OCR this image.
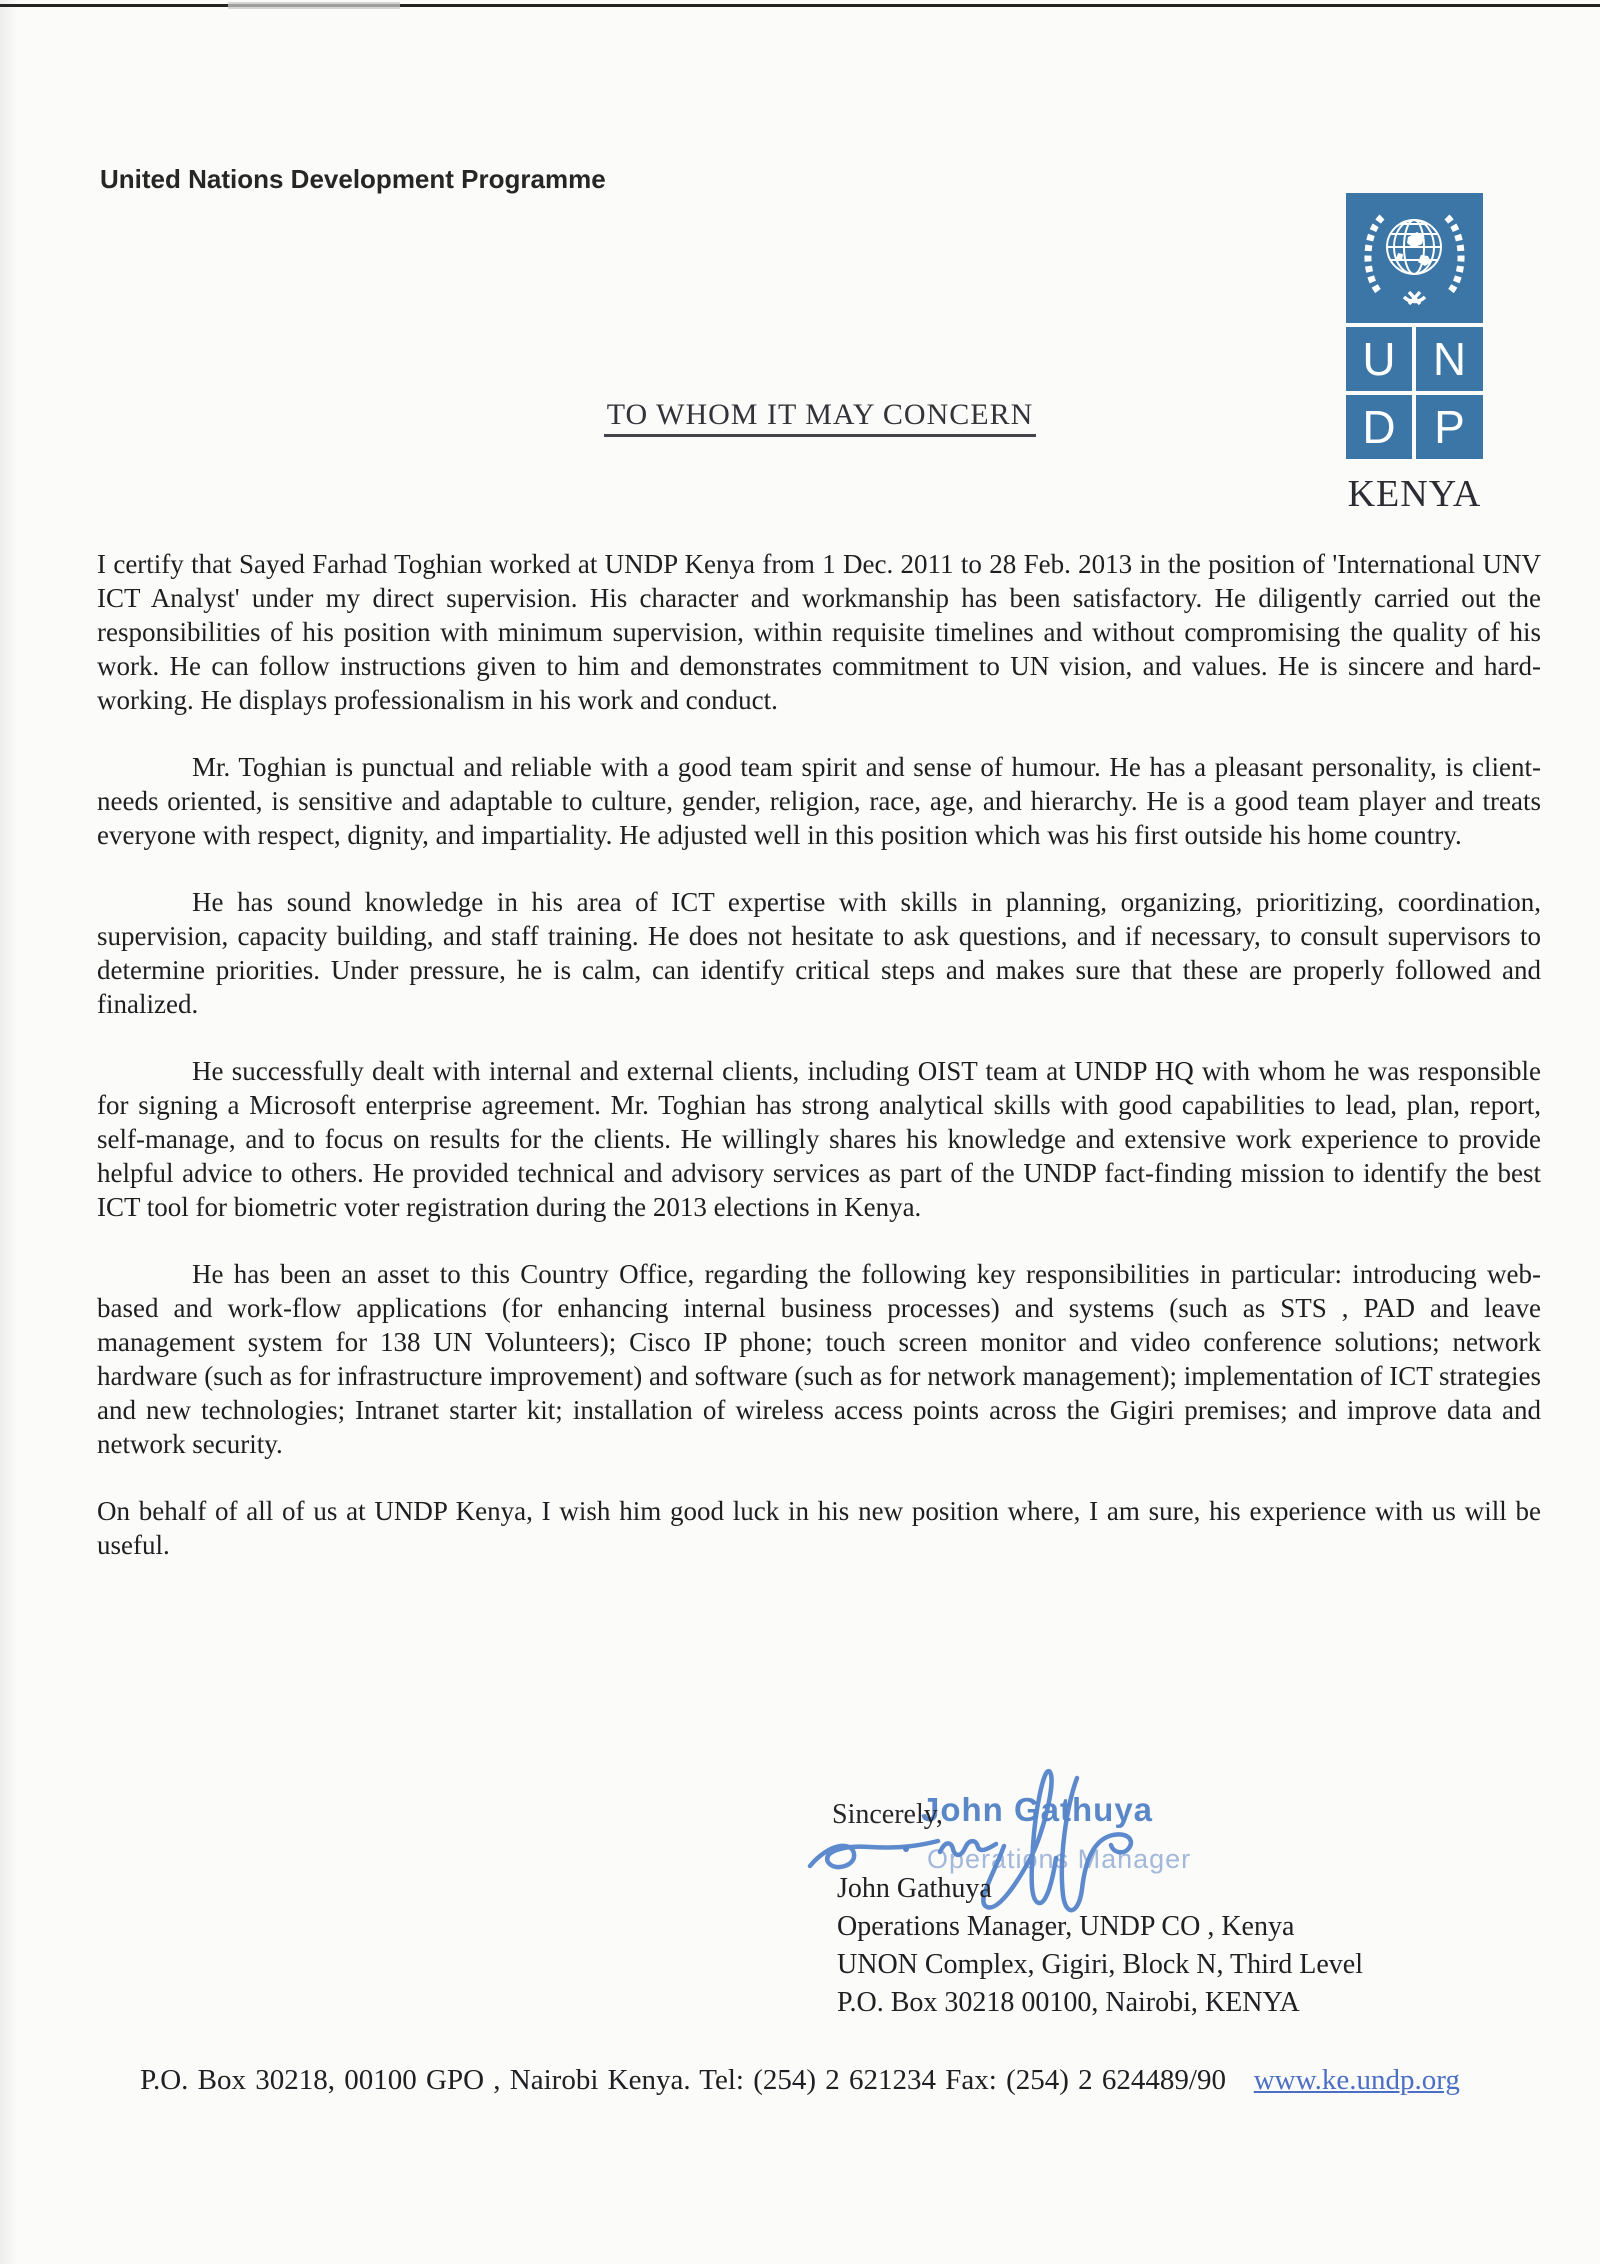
United Nations Development Programme
U N
D P
KENYA
TO WHOM IT MAY CONCERN

I certify that Sayed Farhad Toghian worked at UNDP Kenya from 1 Dec. 2011 to 28 Feb. 2013 in the position of 'International UNV ICT Analyst' under my direct supervision. His character and workmanship has been satisfactory. He diligently carried out the responsibilities of his position with minimum supervision, within requisite timelines and without compromising the quality of his work. He can follow instructions given to him and demonstrates commitment to UN vision, and values. He is sincere and hard-working. He displays professionalism in his work and conduct.

Mr. Toghian is punctual and reliable with a good team spirit and sense of humour. He has a pleasant personality, is client-needs oriented, is sensitive and adaptable to culture, gender, religion, race, age, and hierarchy. He is a good team player and treats everyone with respect, dignity, and impartiality. He adjusted well in this position which was his first outside his home country.

He has sound knowledge in his area of ICT expertise with skills in planning, organizing, prioritizing, coordination, supervision, capacity building, and staff training. He does not hesitate to ask questions, and if necessary, to consult supervisors to determine priorities. Under pressure, he is calm, can identify critical steps and makes sure that these are properly followed and finalized.

He successfully dealt with internal and external clients, including OIST team at UNDP HQ with whom he was responsible for signing a Microsoft enterprise agreement. Mr. Toghian has strong analytical skills with good capabilities to lead, plan, report, self-manage, and to focus on results for the clients. He willingly shares his knowledge and extensive work experience to provide helpful advice to others. He provided technical and advisory services as part of the UNDP fact-finding mission to identify the best ICT tool for biometric voter registration during the 2013 elections in Kenya.

He has been an asset to this Country Office, regarding the following key responsibilities in particular: introducing web-based and work-flow applications (for enhancing internal business processes) and systems (such as STS , PAD and leave management system for 138 UN Volunteers); Cisco IP phone; touch screen monitor and video conference solutions; network hardware (such as for infrastructure improvement) and software (such as for network management); implementation of ICT strategies and new technologies; Intranet starter kit; installation of wireless access points across the Gigiri premises; and improve data and network security.

On behalf of all of us at UNDP Kenya, I wish him good luck in his new position where, I am sure, his experience with us will be useful.

John Gathuya
Operations Manager
Sincerely,
John Gathuya
Operations Manager, UNDP CO , Kenya
UNON Complex, Gigiri, Block N, Third Level
P.O. Box 30218 00100, Nairobi, KENYA
P.O. Box 30218, 00100 GPO , Nairobi Kenya. Tel: (254) 2 621234 Fax: (254) 2 624489/90 www.ke.undp.org
